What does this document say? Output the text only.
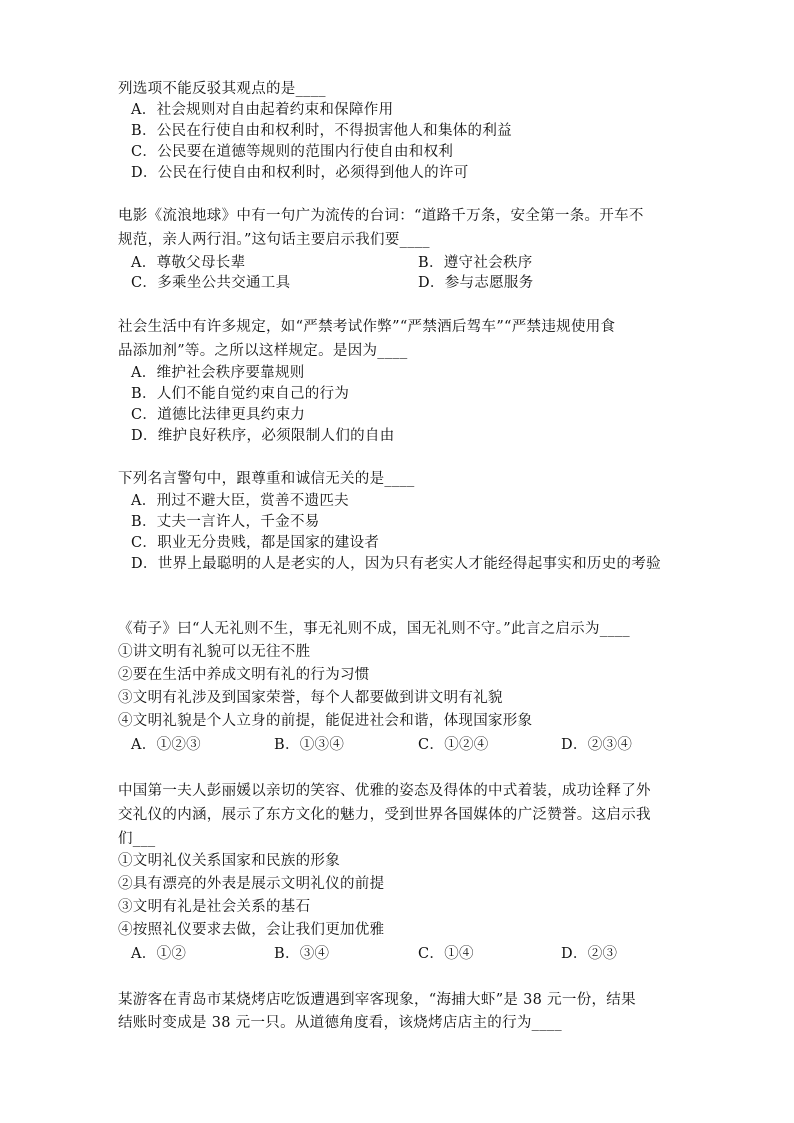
列选项不能反驳其观点的是____
A．社会规则对自由起着约束和保障作用
B．公民在行使自由和权利时，不得损害他人和集体的利益
C．公民要在道德等规则的范围内行使自由和权利
D．公民在行使自由和权利时，必须得到他人的许可
电影《流浪地球》中有一句广为流传的台词：“道路千万条，安全第一条。开车不
规范，亲人两行泪。”这句话主要启示我们要____
A．尊敬父母长辈	B．遵守社会秩序
C．多乘坐公共交通工具	D．参与志愿服务
社会生活中有许多规定，如“严禁考试作弊”“严禁酒后驾车”“严禁违规使用食
品添加剂”等。之所以这样规定。是因为____
A．维护社会秩序要靠规则
B．人们不能自觉约束自己的行为
C．道德比法律更具约束力
D．维护良好秩序，必须限制人们的自由
下列名言警句中，跟尊重和诚信无关的是____
A．刑过不避大臣，赏善不遗匹夫
B．丈夫一言许人，千金不易
C．职业无分贵贱，都是国家的建设者
D．世界上最聪明的人是老实的人，因为只有老实人才能经得起事实和历史的考验
《荀子》曰“人无礼则不生，事无礼则不成，国无礼则不守。”此言之启示为____
①讲文明有礼貌可以无往不胜
②要在生活中养成文明有礼的行为习惯
③文明有礼涉及到国家荣誉，每个人都要做到讲文明有礼貌
④文明礼貌是个人立身的前提，能促进社会和谐，体现国家形象
A．①②③	B．①③④	C．①②④	D．②③④
中国第一夫人彭丽媛以亲切的笑容、优雅的姿态及得体的中式着装，成功诠释了外
交礼仪的内涵，展示了东方文化的魅力，受到世界各国媒体的广泛赞誉。这启示我
们___
①文明礼仪关系国家和民族的形象
②具有漂亮的外表是展示文明礼仪的前提
③文明有礼是社会关系的基石
④按照礼仪要求去做，会让我们更加优雅
A．①②	B．③④	C．①④	D．②③
某游客在青岛市某烧烤店吃饭遭遇到宰客现象，“海捕大虾”是 38 元一份，结果
结账时变成是 38 元一只。从道德角度看，该烧烤店店主的行为____
